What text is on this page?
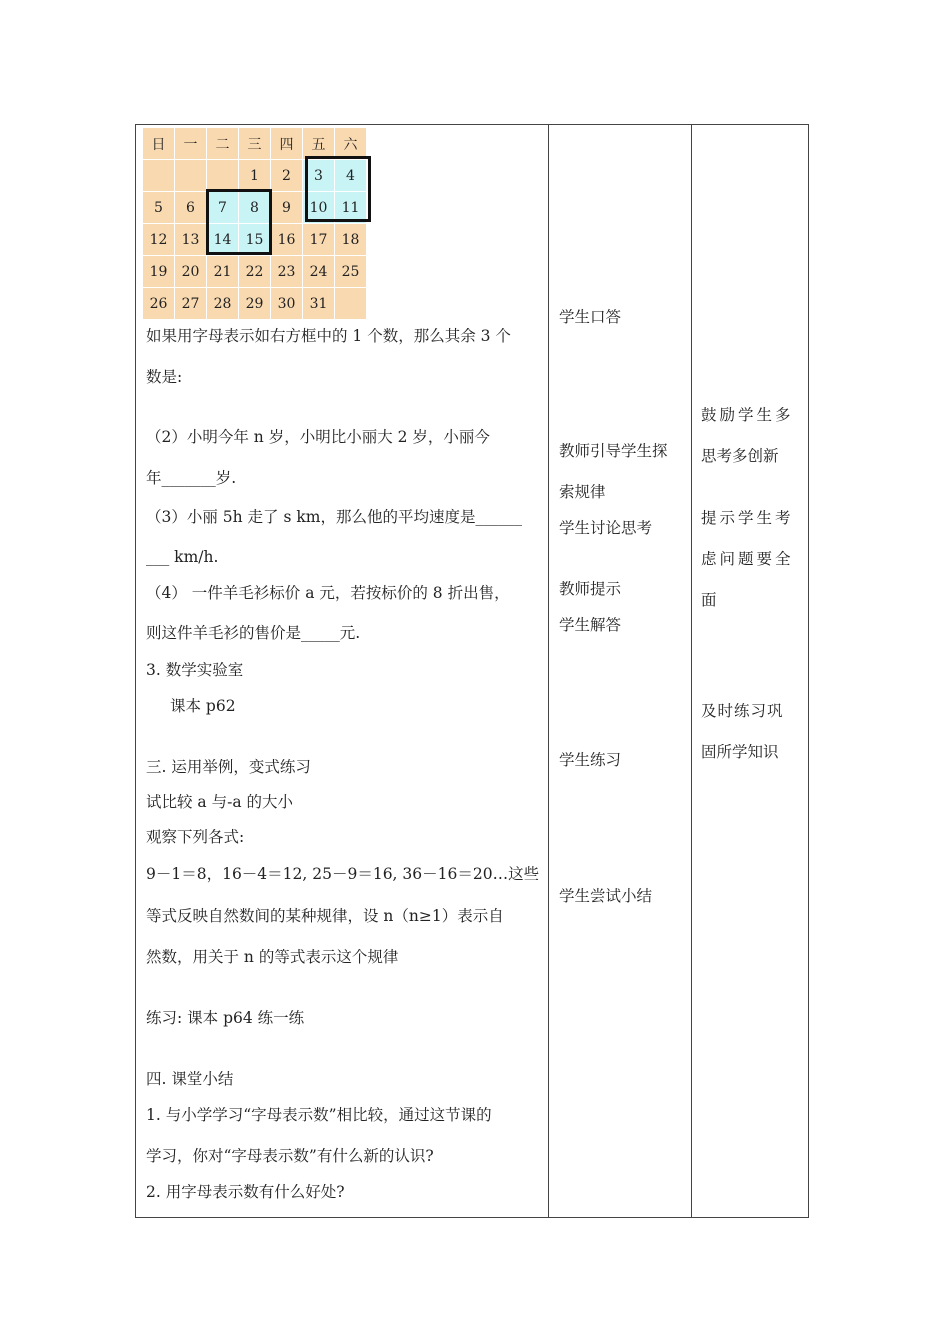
日	一	二	三	四	五	六
			1	2	3	4
5	6	7	8	9	10	11
12	13	14	15	16	17	18
19	20	21	22	23	24	25
26	27	28	29	30	31	
如果用字母表示如右方框中的 1 个数，那么其余 3 个
数是:
（2）小明今年 n 岁，小明比小丽大 2 岁，小丽今
年_______岁.
（3）小丽 5h 走了 s km，那么他的平均速度是______
___ km/h.
（4） 一件羊毛衫标价 a 元，若按标价的 8 折出售，
则这件羊毛衫的售价是_____元.
3. 数学实验室
课本 p62
三. 运用举例，变式练习
试比较 a 与-a 的大小
观察下列各式:
9－1＝8，16－4＝12, 25－9＝16, 36－16＝20…这些
等式反映自然数间的某种规律，设 n（n≥1）表示自
然数，用关于 n 的等式表示这个规律
练习: 课本 p64 练一练
四. 课堂小结
1. 与小学学习“字母表示数”相比较，通过这节课的
学习，你对“字母表示数”有什么新的认识?
2. 用字母表示数有什么好处?

学生口答
教师引导学生探
索规律
学生讨论思考
教师提示
学生解答
学生练习
学生尝试小结

鼓励学生多
思考多创新
提示学生考
虑问题要全
面
及时练习巩
固所学知识
